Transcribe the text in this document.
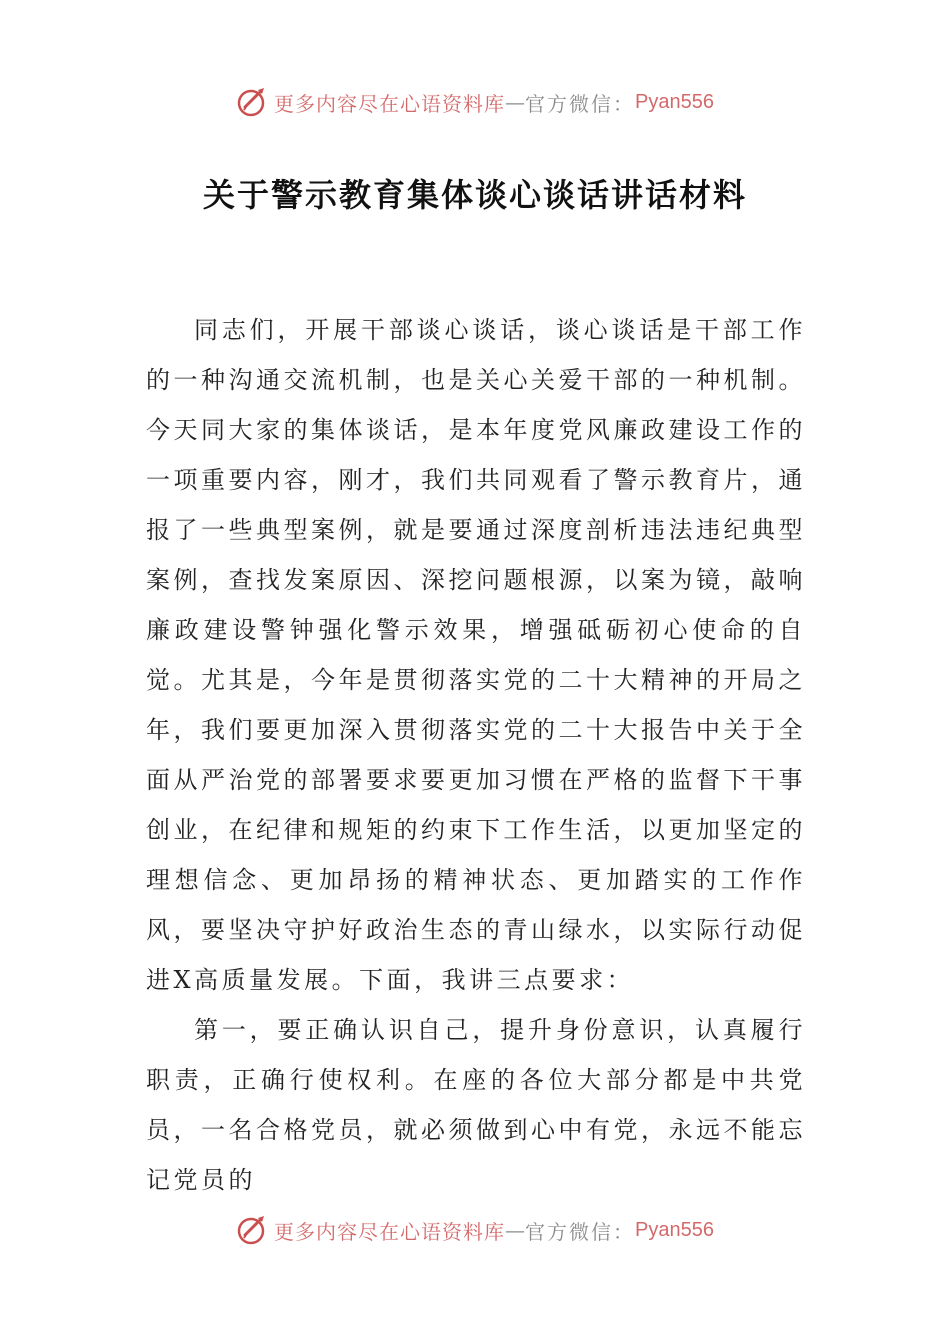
更多内容尽在心语资料库 — 官方微信： Pyan556
关于警示教育集体谈心谈话讲话材料

同志们，开展干部谈心谈话，谈心谈话是干部工作的一种沟通交流机制，也是关心关爱干部的一种机制。今天同大家的集体谈话，是本年度党风廉政建设工作的一项重要内容，刚才，我们共同观看了警示教育片，通报了一些典型案例，就是要通过深度剖析违法违纪典型案例，查找发案原因、深挖问题根源，以案为镜，敲响廉政建设警钟强化警示效果，增强砥砺初心使命的自觉。尤其是，今年是贯彻落实党的二十大精神的开局之年，我们要更加深入贯彻落实党的二十大报告中关于全面从严治党的部署要求要更加习惯在严格的监督下干事创业，在纪律和规矩的约束下工作生活，以更加坚定的理想信念、更加昂扬的精神状态、更加踏实的工作作风，要坚决守护好政治生态的青山绿水，以实际行动促进X高质量发展。下面，我讲三点要求：

第一，要正确认识自己，提升身份意识，认真履行职责，正确行使权利。在座的各位大部分都是中共党员，一名合格党员，就必须做到心中有党，永远不能忘记党员的

更多内容尽在心语资料库 — 官方微信： Pyan556
